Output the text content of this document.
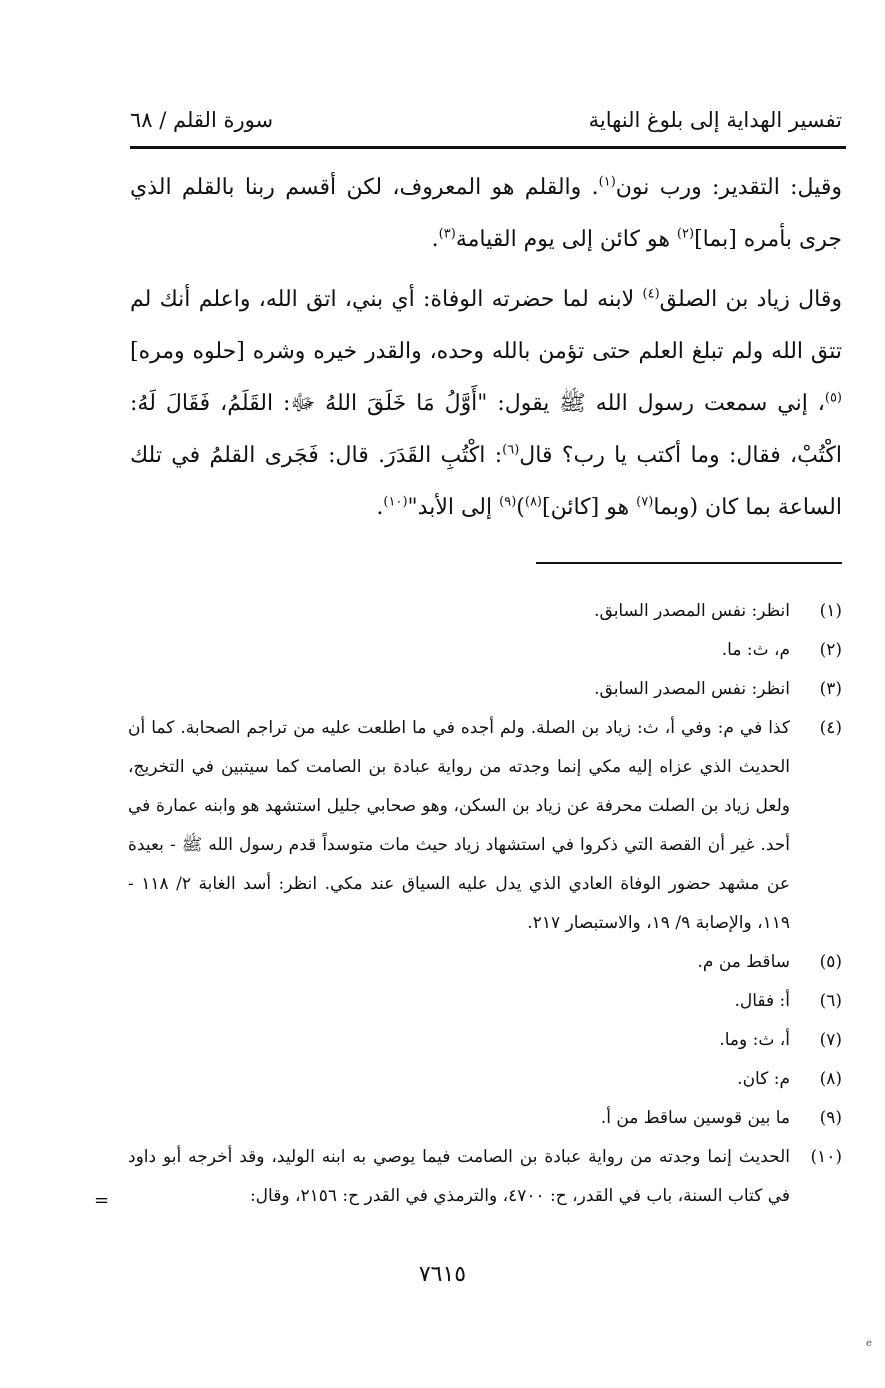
تفسير الهداية إلى بلوغ النهاية
سورة القلم / ٦٨

وقيل: التقدير: ورب نون$^{(١)}$. والقلم هو المعروف، لكن أقسم ربنا بالقلم الذي جرى بأمره [بما]$^{(٢)}$ هو كائن إلى يوم القيامة$^{(٣)}$.

وقال زياد بن الصلق$^{(٤)}$ لابنه لما حضرته الوفاة: أي بني، اتق الله، واعلم أنك لم تتق الله ولم تبلغ العلم حتى تؤمن بالله وحده، والقدر خيره وشره [حلوه ومره]$^{(٥)}$، إني سمعت رسول الله ﷺ يقول: "أَوَّلُ مَا خَلَقَ اللهُ ﷻ: القَلَمُ، فَقَالَ لَهُ: اكْتُبْ، فقال: وما أكتب يا رب؟ قال$^{(٦)}$: اكْتُبِ القَدَرَ. قال: فَجَرى القلمُ في تلك الساعة بما كان (وبما$^{(٧)}$ هو [كائن]$^{(٨)}$)$^{(٩)}$ إلى الأبد"$^{(١٠)}$.

(١)
انظر: نفس المصدر السابق.
(٢)
م، ث: ما.
(٣)
انظر: نفس المصدر السابق.
(٤)
كذا في م: وفي أ، ث: زياد بن الصلة. ولم أجده في ما اطلعت عليه من تراجم الصحابة. كما أن الحديث الذي عزاه إليه مكي إنما وجدته من رواية عبادة بن الصامت كما سيتبين في التخريج، ولعل زياد بن الصلت محرفة عن زياد بن السكن، وهو صحابي جليل استشهد هو وابنه عمارة في أحد. غير أن القصة التي ذكروا في استشهاد زياد حيث مات متوسداً قدم رسول الله ﷺ - بعيدة عن مشهد حضور الوفاة العادي الذي يدل عليه السياق عند مكي. انظر: أسد الغابة ٢/ ١١٨ - ١١٩، والإصابة ٩/ ١٩، والاستبصار ٢١٧.
(٥)
ساقط من م.
(٦)
أ: فقال.
(٧)
أ، ث: وما.
(٨)
م: كان.
(٩)
ما بين قوسين ساقط من أ.
(١٠)
الحديث إنما وجدته من رواية عبادة بن الصامت فيما يوصي به ابنه الوليد، وقد أخرجه أبو داود في كتاب السنة، باب في القدر، ح: ٤٧٠٠، والترمذي في القدر ح: ٢١٥٦، وقال:
=
٧٦١٥
e
